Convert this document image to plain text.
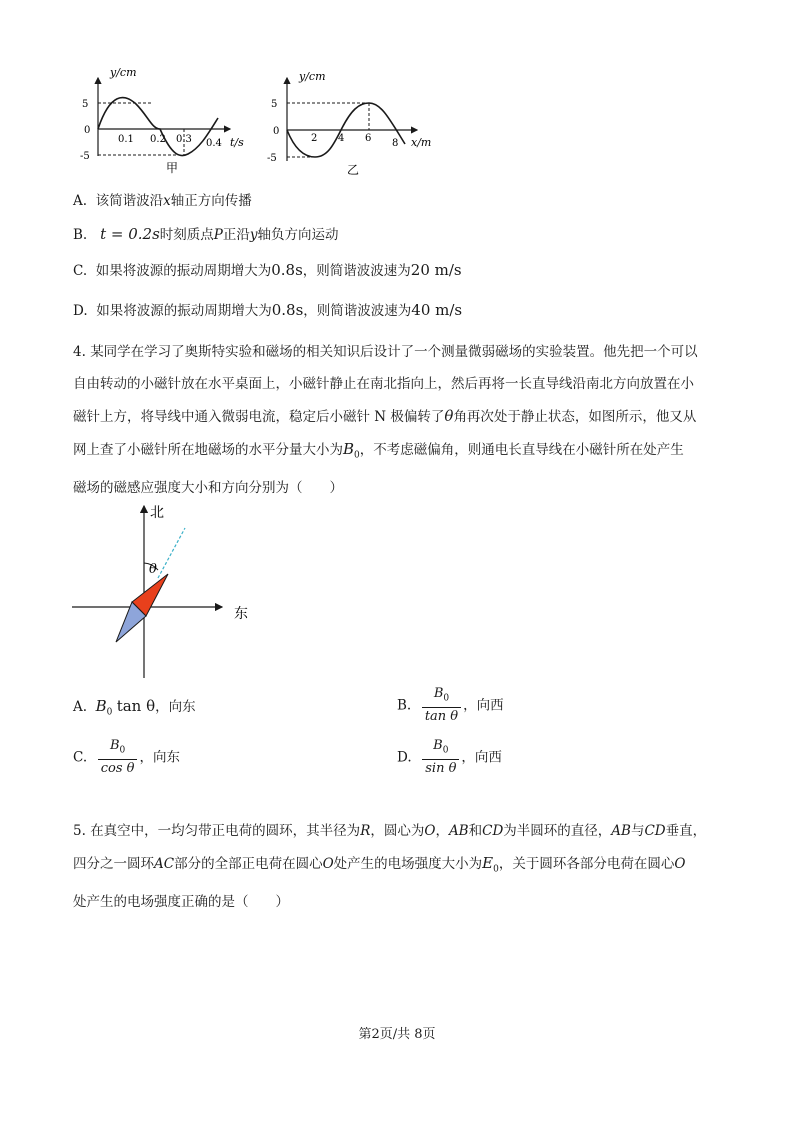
y/cm
5
0
-5
0.1 0.2 0.3 0.4 t/s
甲
y/cm
5
0
-5
2 4 6 8 x/m
乙
A. 该简谐波沿x轴正方向传播
B. t = 0.2s时刻质点P正沿y轴负方向运动
C. 如果将波源的振动周期增大为0.8s，则简谐波波速为20 m/s
D. 如果将波源的振动周期增大为0.8s，则简谐波波速为40 m/s
4. 某同学在学习了奥斯特实验和磁场的相关知识后设计了一个测量微弱磁场的实验装置。他先把一个可以
自由转动的小磁针放在水平桌面上，小磁针静止在南北指向上，然后再将一长直导线沿南北方向放置在小
磁针上方，将导线中通入微弱电流，稳定后小磁针 N 极偏转了θ角再次处于静止状态，如图所示，他又从
网上查了小磁针所在地磁场的水平分量大小为$B_0$，不考虑磁偏角，则通电长直导线在小磁针所在处产生
磁场的磁感应强度大小和方向分别为（　　）
北
东
θ
A. $B_0$ tan θ，向东	B. $\frac{B_0}{\text{tan θ}}$ ，向西
C. $\frac{B_0}{\text{cos θ}}$ ，向东	D. $\frac{B_0}{\text{sin θ}}$ ，向西
5. 在真空中，一均匀带正电荷的圆环，其半径为R，圆心为O，AB和CD为半圆环的直径，AB与CD垂直，
四分之一圆环AC部分的全部正电荷在圆心O处产生的电场强度大小为$E_0$，关于圆环各部分电荷在圆心O
处产生的电场强度正确的是（　　）
第2页/共 8页
